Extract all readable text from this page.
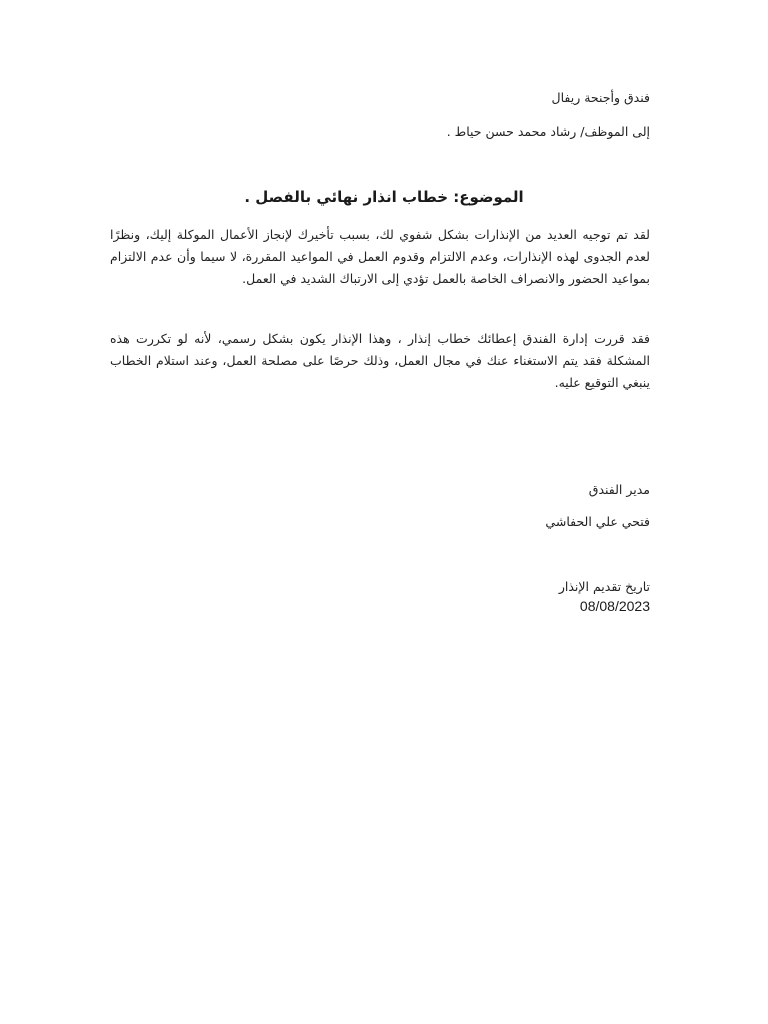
فندق وأجنحة ريفال
إلى الموظف/ رشاد محمد حسن حياط .
الموضوع: خطاب انذار نهائي بالفصل .
لقد تم توجيه العديد من الإنذارات بشكل شفوي لك، بسبب تأخيرك لإنجاز الأعمال الموكلة إليك، ونظرًا لعدم الجدوى لهذه الإنذارات، وعدم الالتزام وقدوم العمل في المواعيد المقررة، لا سيما وأن عدم الالتزام بمواعيد الحضور والانصراف الخاصة بالعمل تؤدي إلى الارتباك الشديد في العمل.
فقد قررت إدارة الفندق إعطائك خطاب إنذار ، وهذا الإنذار يكون بشكل رسمي، لأنه لو تكررت هذه المشكلة فقد يتم الاستغناء عنك في مجال العمل، وذلك حرصًا على مصلحة العمل، وعند استلام الخطاب ينبغي التوقيع عليه.
مدير الفندق
فتحي علي الحفاشي
تاريخ تقديم الإنذار
08/08/2023
